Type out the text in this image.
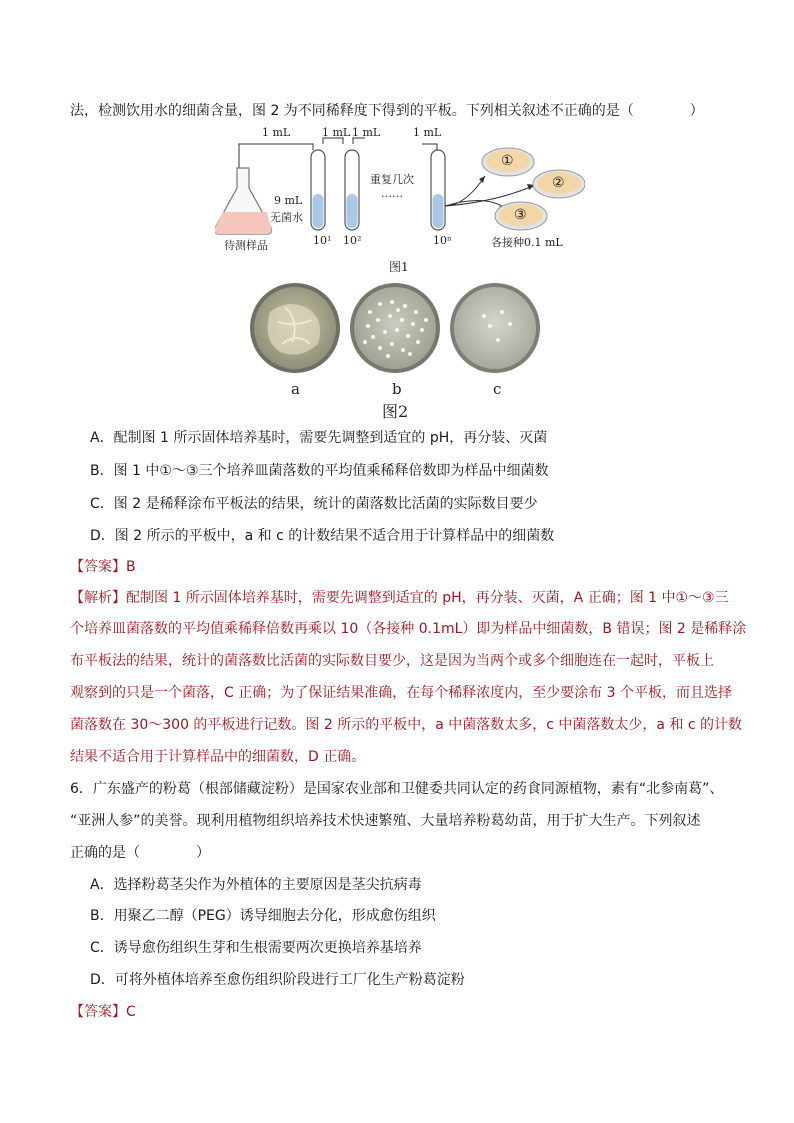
法，检测饮用水的细菌含量，图 2 为不同稀释度下得到的平板。下列相关叙述不正确的是（　　　　）
1 mL	1 mL 1 mL	1 mL
9 mL
无菌水
重复几次
……
待测样品	10¹ 10²	10ⁿ
①
②
③
各接种0.1 mL
图1
a	b	c
图2
A．配制图 1 所示固体培养基时，需要先调整到适宜的 pH，再分装、灭菌
B．图 1 中①～③三个培养皿菌落数的平均值乘稀释倍数即为样品中细菌数
C．图 2 是稀释涂布平板法的结果，统计的菌落数比活菌的实际数目要少
D．图 2 所示的平板中，a 和 c 的计数结果不适合用于计算样品中的细菌数
【答案】B
【解析】配制图 1 所示固体培养基时，需要先调整到适宜的 pH，再分装、灭菌，A 正确；图 1 中①～③三
个培养皿菌落数的平均值乘稀释倍数再乘以 10（各接种 0.1mL）即为样品中细菌数，B 错误；图 2 是稀释涂
布平板法的结果，统计的菌落数比活菌的实际数目要少，这是因为当两个或多个细胞连在一起时，平板上
观察到的只是一个菌落，C 正确；为了保证结果准确，在每个稀释浓度内，至少要涂布 3 个平板，而且选择
菌落数在 30～300 的平板进行记数。图 2 所示的平板中，a 中菌落数太多，c 中菌落数太少，a 和 c 的计数
结果不适合用于计算样品中的细菌数，D 正确。
6．广东盛产的粉葛（根部储藏淀粉）是国家农业部和卫健委共同认定的药食同源植物，素有“北参南葛”、
“亚洲人参”的美誉。现利用植物组织培养技术快速繁殖、大量培养粉葛幼苗，用于扩大生产。下列叙述
正确的是（　　　　）
A．选择粉葛茎尖作为外植体的主要原因是茎尖抗病毒
B．用聚乙二醇（PEG）诱导细胞去分化，形成愈伤组织
C．诱导愈伤组织生芽和生根需要两次更换培养基培养
D．可将外植体培养至愈伤组织阶段进行工厂化生产粉葛淀粉
【答案】C
